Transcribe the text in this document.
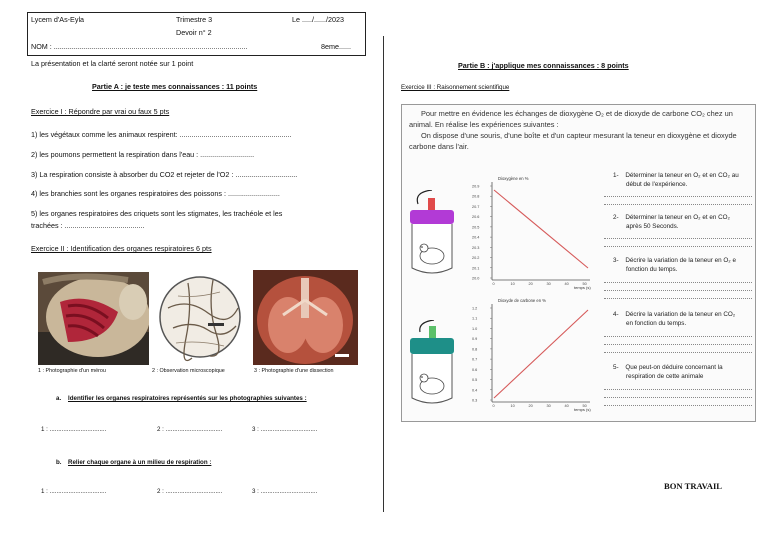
Lycem d'As-Eyla	Trimestre 3
Devoir n° 2
Le ...../....../2023
NOM : .................................................................................................	8eme......
La présentation et la clarté seront notée sur 1 point
Partie A : je teste mes connaissances : 11 points
Exercice I : Répondre par vrai ou faux 5 pts
1) les végétaux comme les animaux respirent: ........................................................
2) les poumons permettent la respiration dans l'eau : ...........................
3) La respiration consiste à absorber du CO2 et rejeter de l'O2 : ...............................
4) les branchies sont les organes respiratoires des poissons : ..........................
5) les organes respiratoires des criquets sont les stigmates, les trachéole et les
trachées : ........................................
Exercice II : Identification des organes respiratoires 6 pts
1 : Photographie d'un mérou	2 : Observation microscopique	3 : Photographie d'une dissection
a. Identifier les organes respiratoires représentés sur les photographies suivantes :
1 : .................................	2 : .................................	3 : .................................
b. Relier chaque organe à un milieu de respiration :
1 : .................................	2 : .................................	3 : .................................
Partie B : j'applique mes connaissances : 8 points
Exercice III : Raisonnement scientifique
Pour mettre en évidence les échanges de dioxygène O₂ et de dioxyde de carbone CO₂ chez un
animal. En réalise les expériences suivantes :
On dispose d'une souris, d'une boîte et d'un capteur mesurant la teneur en dioxygène et dioxyde
carbone dans l'air.
Dioxygène en %
20.9
20.8
20.7
20.6
20.5
20.4
20.3
20.2
20.1
20.0
0	10	20	30	40	50
temps (s)
Dioxyde de carbone en %
1.2
1.1
1.0
0.9
0.8
0.7
0.6
0.5
0.4
0.3
0	10	20	30	40	50
temps (s)
1- Déterminer la teneur en O₂ et en CO₂ au
début de l'expérience.
2- Déterminer la teneur en O₂ et en CO₂
après 50 Seconds.
3- Décrire la variation de la teneur en O₂ e
fonction du temps.
4- Décrire la variation de la teneur en CO₂
en fonction du temps.
5- Que peut-on déduire concernant la
respiration de cette animale
BON TRAVAIL
